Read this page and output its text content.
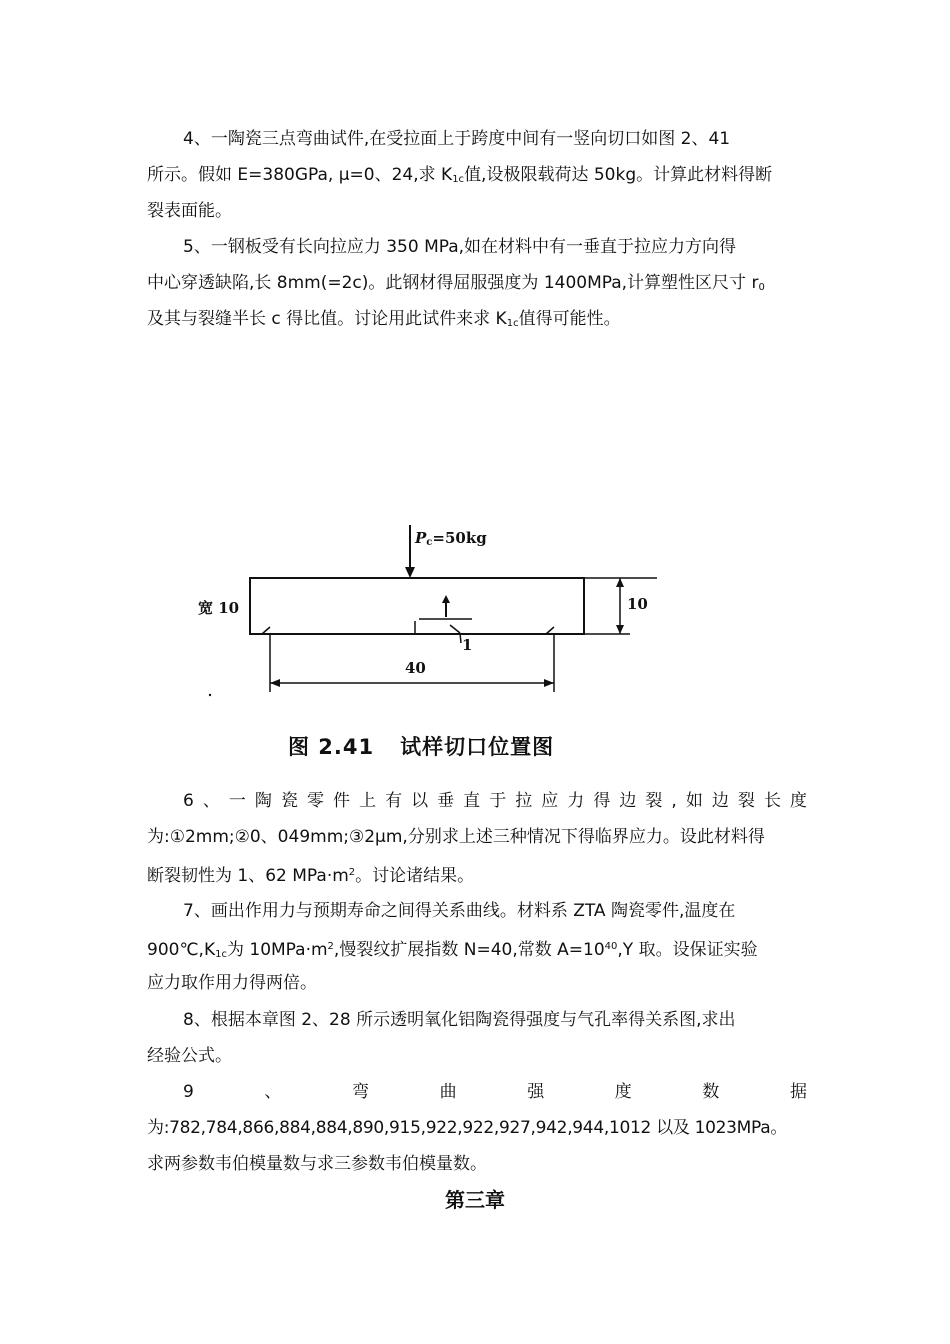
4、一陶瓷三点弯曲试件,在受拉面上于跨度中间有一竖向切口如图 2、41
所示。假如 E=380GPa, μ=0、24,求 $K_{1c}$值,设极限载荷达 50kg。计算此材料得断
裂表面能。
5、一钢板受有长向拉应力 350 MPa,如在材料中有一垂直于拉应力方向得
中心穿透缺陷,长 8mm(=2c)。此钢材得屈服强度为 1400MPa,计算塑性区尺寸 $r_0$
及其与裂缝半长 c 得比值。讨论用此试件来求 $K_{1c}$值得可能性。
$P_c=50kg$
宽 10	10
40
1
图 2.41 试样切口位置图
6 、 一 陶 瓷 零 件 上 有 以 垂 直 于 拉 应 力 得 边 裂 , 如 边 裂 长 度
为:①2mm;②0、049mm;③2μm,分别求上述三种情况下得临界应力。设此材料得
断裂韧性为 1、62 $MPa\cdot m^2$。讨论诸结果。
7、画出作用力与预期寿命之间得关系曲线。材料系 ZTA 陶瓷零件,温度在
$900℃,K_{1c}$为 $10MPa\cdot m^2$,慢裂纹扩展指数 N=40,常数 $A=10^{40},Y$ 取。设保证实验
应力取作用力得两倍。
8、根据本章图 2、28 所示透明氧化铝陶瓷得强度与气孔率得关系图,求出
经验公式。
9	、	弯	曲	强	度	数	据
为:782,784,866,884,884,890,915,922,922,927,942,944,1012 以及 1023MPa。
求两参数韦伯模量数与求三参数韦伯模量数。
第三章
